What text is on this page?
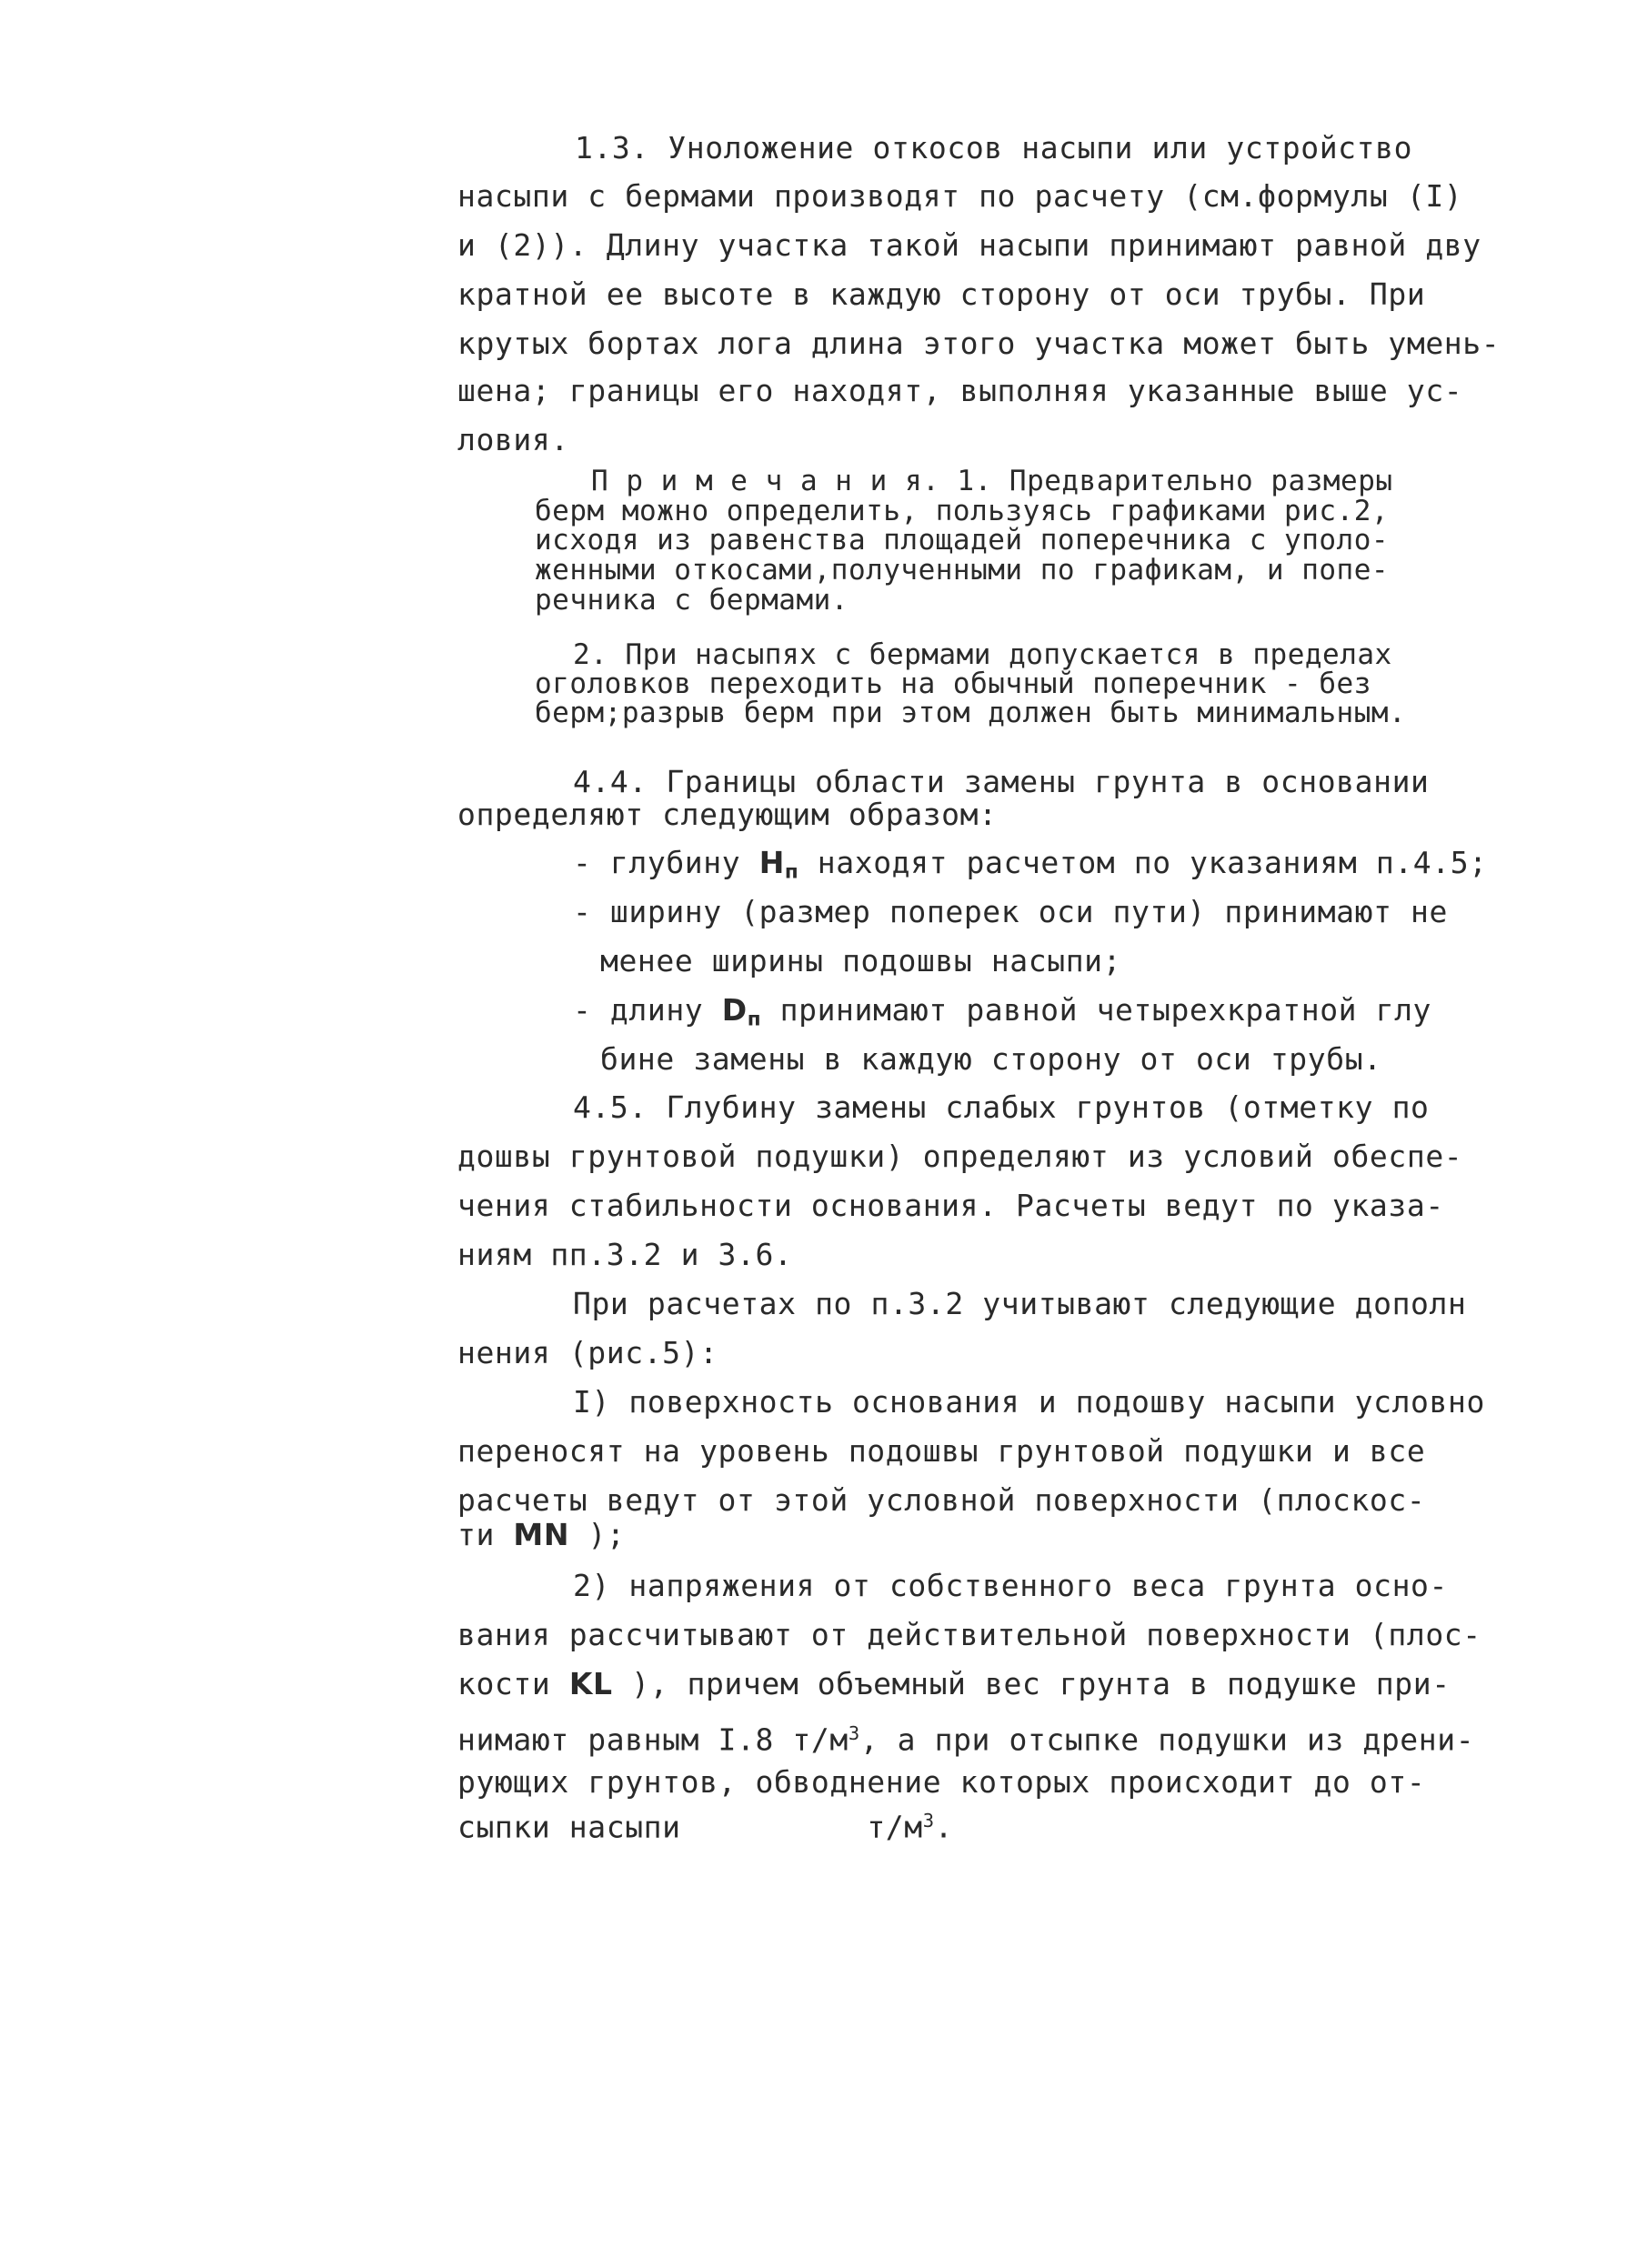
1.3. Уноложение откосов насыпи или устройство
насыпи с бермами производят по расчету (см.формулы (I)
и (2)). Длину участка такой насыпи принимают равной дву
кратной ее высоте в каждую сторону от оси трубы. При
крутых бортах лога длина этого участка может быть умень-
шена; границы его находят, выполняя указанные выше ус-
ловия.
П р и м е ч а н и я. 1. Предварительно размеры
берм можно определить, пользуясь графиками рис.2,
исходя из равенства площадей поперечника с уполо-
женными откосами,полученными по графикам, и попе-
речника с бермами.
2. При насыпях с бермами допускается в пределах
оголовков переходить на обычный поперечник - без
берм;разрыв берм при этом должен быть минимальным.
4.4. Границы области замены грунта в основании
определяют следующим образом:
- глубину $H_п$ находят расчетом по указаниям п.4.5;
- ширину (размер поперек оси пути) принимают не
менее ширины подошвы насыпи;
- длину $D_п$ принимают равной четырехкратной глу
бине замены в каждую сторону от оси трубы.
4.5. Глубину замены слабых грунтов (отметку по
дошвы грунтовой подушки) определяют из условий обеспе-
чения стабильности основания. Расчеты ведут по указа-
ниям пп.3.2 и 3.6.
При расчетах по п.3.2 учитывают следующие дополн
нения (рис.5):
I) поверхность основания и подошву насыпи условно
переносят на уровень подошвы грунтовой подушки и все
расчеты ведут от этой условной поверхности (плоскос-
ти MN );
2) напряжения от собственного веса грунта осно-
вания рассчитывают от действительной поверхности (плос-
кости KL ), причем объемный вес грунта в подушке при-
нимают равным I.8 $т/м^3$, а при отсыпке подушки из дрени-
рующих грунтов, обводнение которых происходит до от-
сыпки насыпи	$т/м^3$.
